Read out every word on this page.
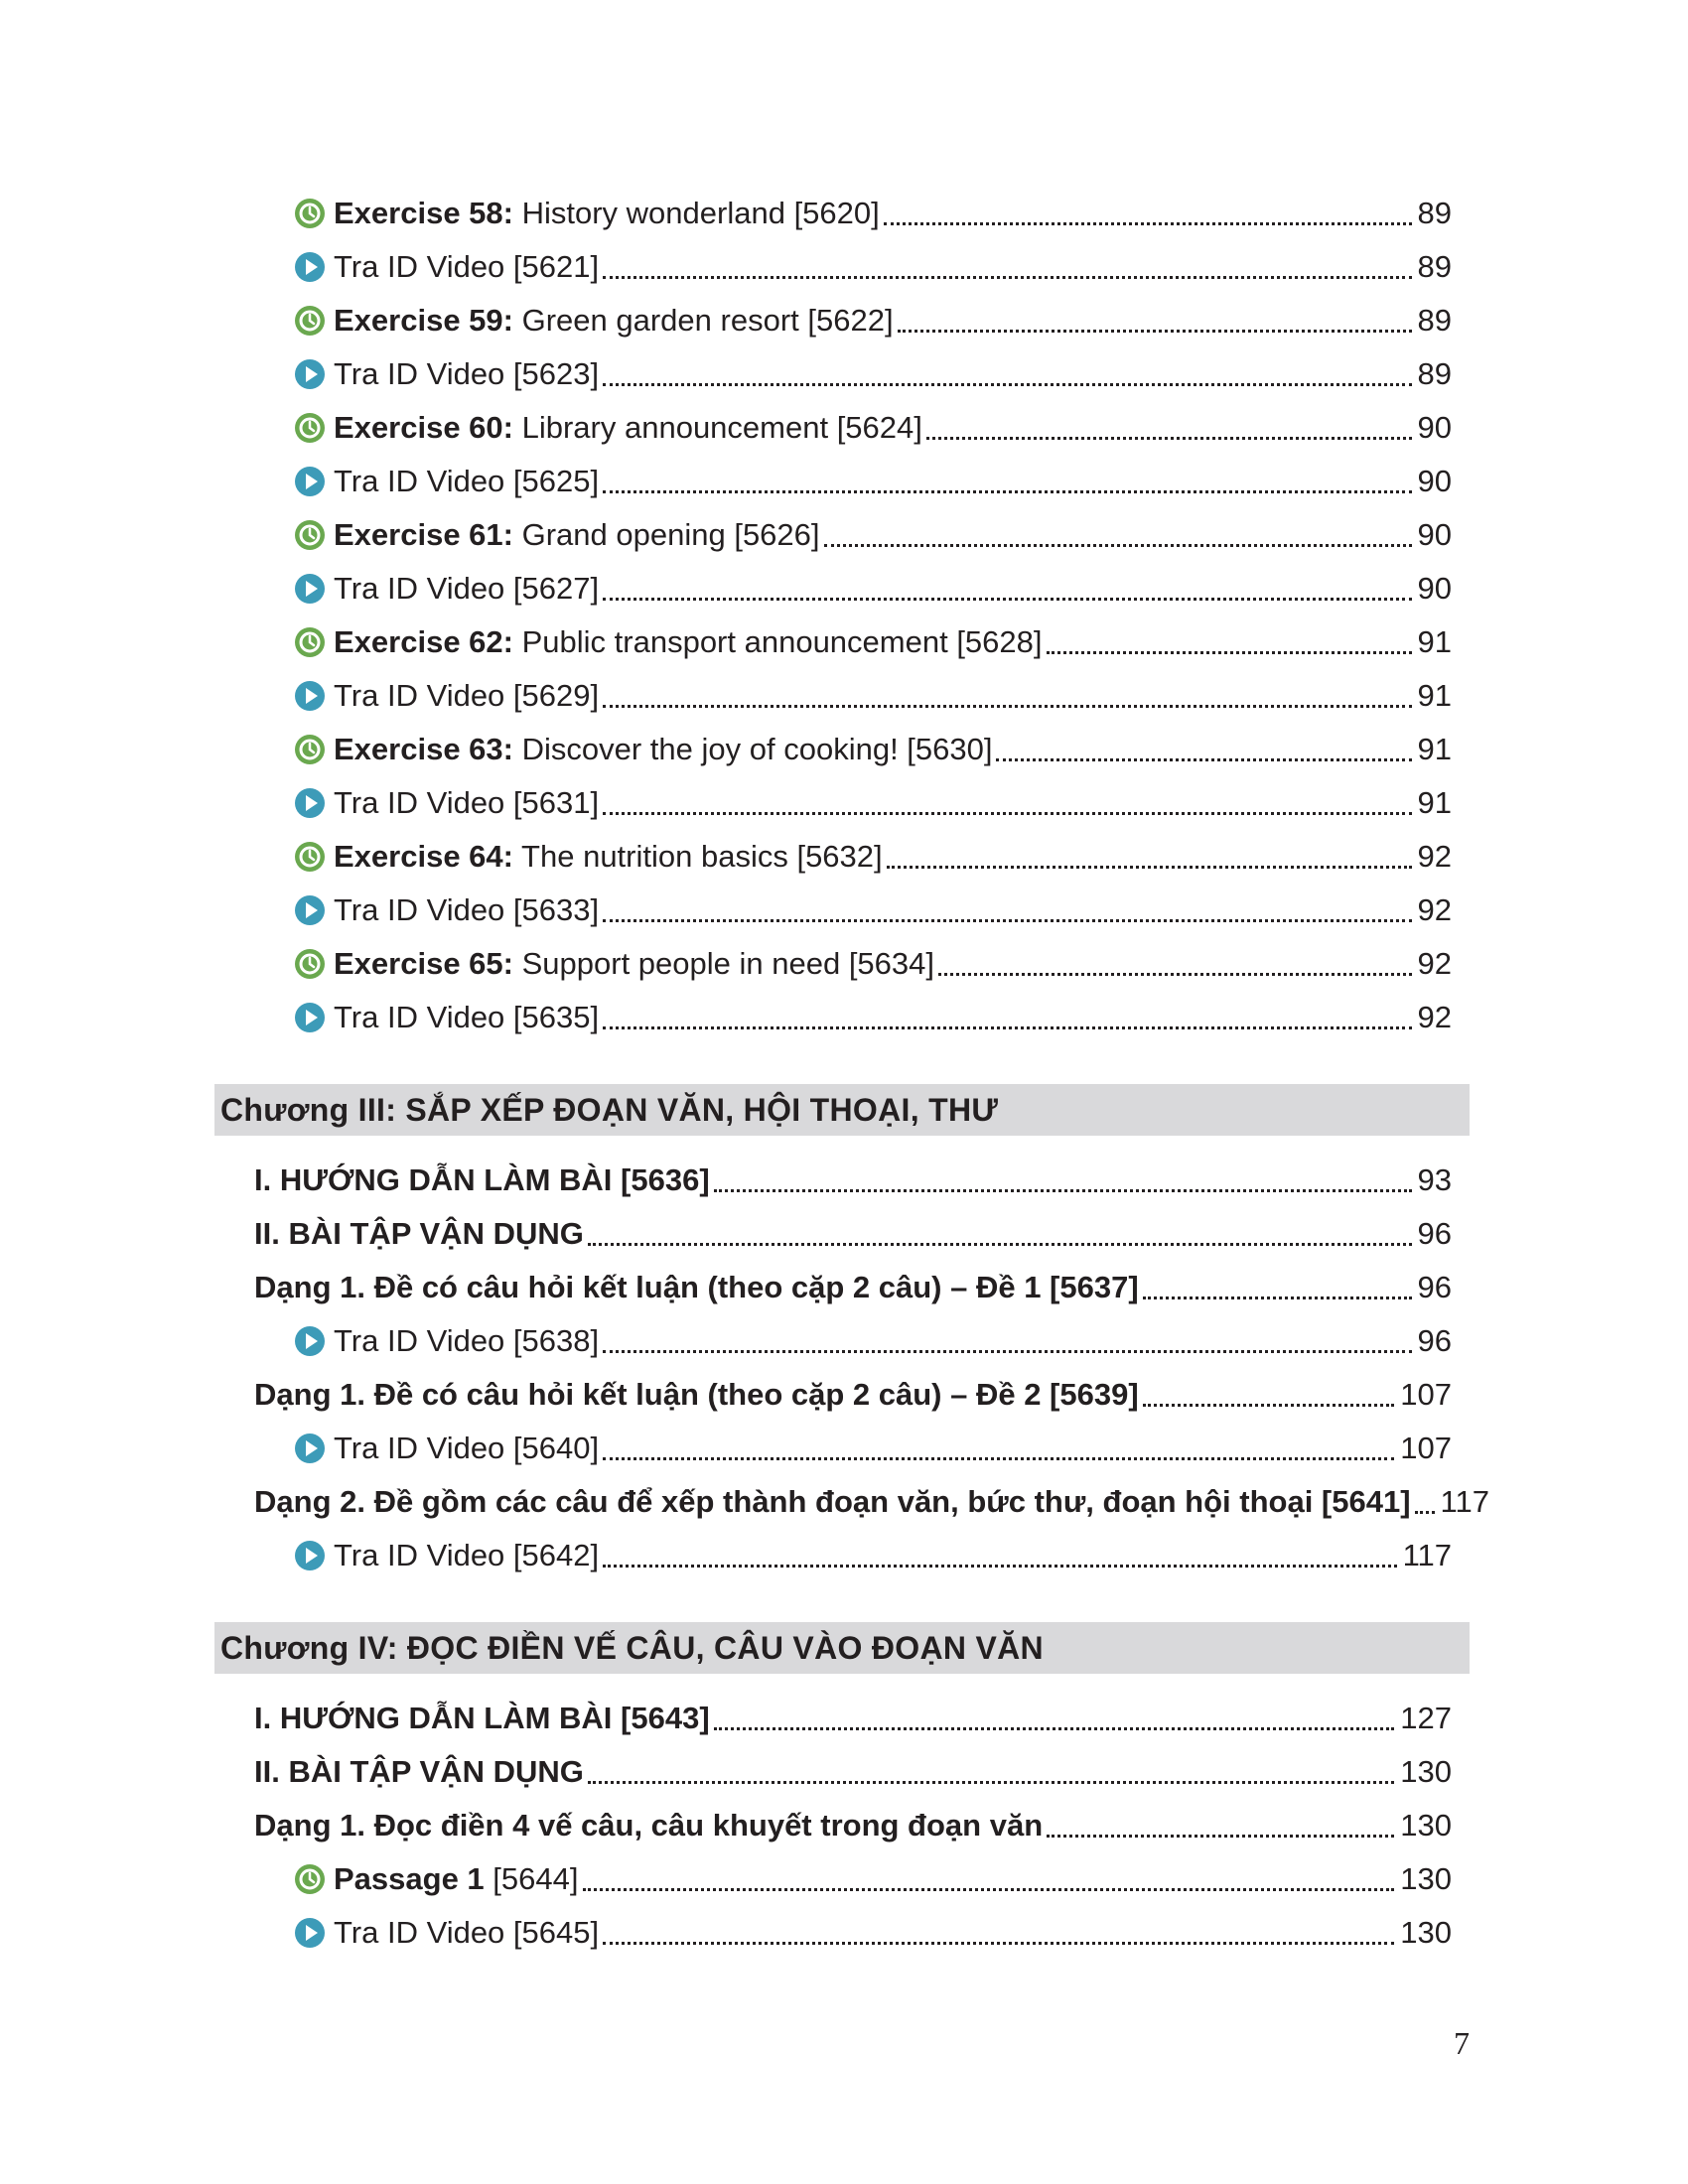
Exercise 58: History wonderland [5620]	89
Tra ID Video [5621]	89
Exercise 59: Green garden resort [5622]	89
Tra ID Video [5623]	89
Exercise 60: Library announcement [5624]	90
Tra ID Video [5625]	90
Exercise 61: Grand opening [5626]	90
Tra ID Video [5627]	90
Exercise 62: Public transport announcement [5628]	91
Tra ID Video [5629]	91
Exercise 63: Discover the joy of cooking! [5630]	91
Tra ID Video [5631]	91
Exercise 64: The nutrition basics [5632]	92
Tra ID Video [5633]	92
Exercise 65: Support people in need [5634]	92
Tra ID Video [5635]	92
Chương III: SẮP XẾP ĐOẠN VĂN, HỘI THOẠI, THƯ
I. HƯỚNG DẪN LÀM BÀI [5636]	93
II. BÀI TẬP VẬN DỤNG	96
Dạng 1. Đề có câu hỏi kết luận (theo cặp 2 câu) – Đề 1 [5637]	96
Tra ID Video [5638]	96
Dạng 1. Đề có câu hỏi kết luận (theo cặp 2 câu) – Đề 2 [5639]	107
Tra ID Video [5640]	107
Dạng 2. Đề gồm các câu để xếp thành đoạn văn, bức thư, đoạn hội thoại [5641] 117
Tra ID Video [5642]	117
Chương IV: ĐỌC ĐIỀN VẾ CÂU, CÂU VÀO ĐOẠN VĂN
I. HƯỚNG DẪN LÀM BÀI [5643]	127
II. BÀI TẬP VẬN DỤNG	130
Dạng 1. Đọc điền 4 vế câu, câu khuyết trong đoạn văn	130
Passage 1 [5644]	130
Tra ID Video [5645]	130
7
